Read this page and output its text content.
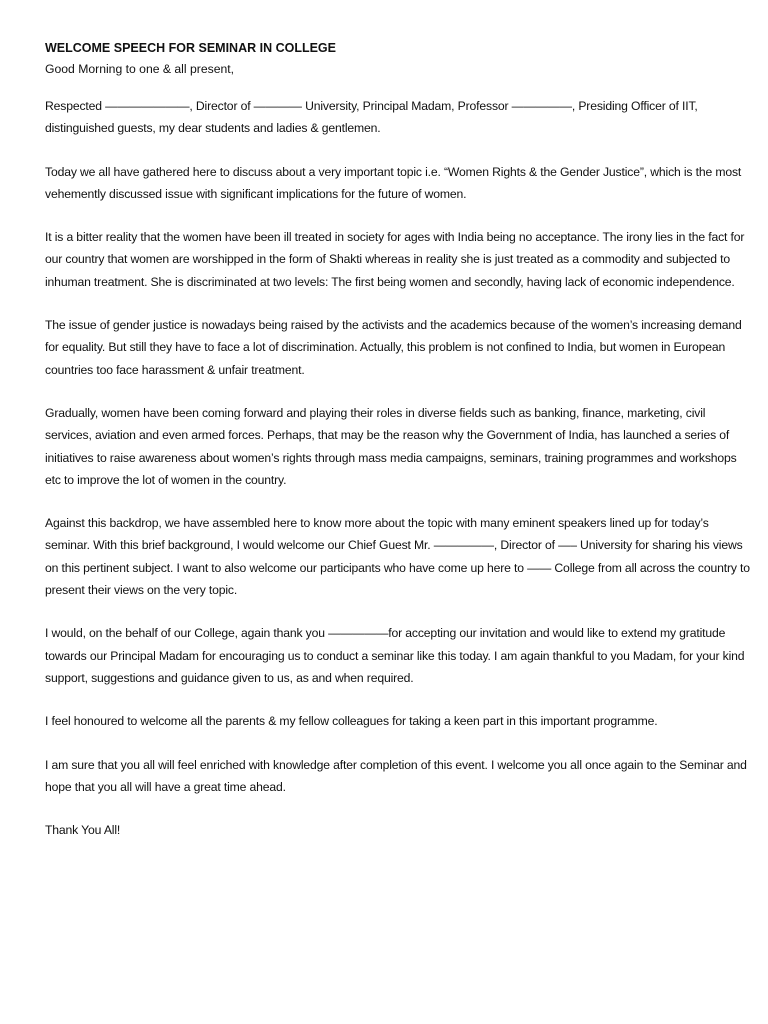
WELCOME SPEECH FOR SEMINAR IN COLLEGE

Good Morning to one & all present,

Respected ———————, Director of ———— University, Principal Madam, Professor —————, Presiding Officer of IIT,
distinguished guests, my dear students and ladies & gentlemen.

Today we all have gathered here to discuss about a very important topic i.e. “Women Rights & the Gender Justice”, which is the most
vehemently discussed issue with significant implications for the future of women.

It is a bitter reality that the women have been ill treated in society for ages with India being no acceptance. The irony lies in the fact for
our country that women are worshipped in the form of Shakti whereas in reality she is just treated as a commodity and subjected to
inhuman treatment. She is discriminated at two levels: The first being women and secondly, having lack of economic independence.

The issue of gender justice is nowadays being raised by the activists and the academics because of the women’s increasing demand
for equality. But still they have to face a lot of discrimination. Actually, this problem is not confined to India, but women in European
countries too face harassment & unfair treatment.

Gradually, women have been coming forward and playing their roles in diverse fields such as banking, finance, marketing, civil
services, aviation and even armed forces. Perhaps, that may be the reason why the Government of India, has launched a series of
initiatives to raise awareness about women’s rights through mass media campaigns, seminars, training programmes and workshops
etc to improve the lot of women in the country.

Against this backdrop, we have assembled here to know more about the topic with many eminent speakers lined up for today’s
seminar. With this brief background, I would welcome our Chief Guest Mr. —————, Director of —– University for sharing his views
on this pertinent subject. I want to also welcome our participants who have come up here to —— College from all across the country to
present their views on the very topic.

I would, on the behalf of our College, again thank you —————for accepting our invitation and would like to extend my gratitude
towards our Principal Madam for encouraging us to conduct a seminar like this today. I am again thankful to you Madam, for your kind
support, suggestions and guidance given to us, as and when required.

I feel honoured to welcome all the parents & my fellow colleagues for taking a keen part in this important programme.

I am sure that you all will feel enriched with knowledge after completion of this event. I welcome you all once again to the Seminar and
hope that you all will have a great time ahead.

Thank You All!
